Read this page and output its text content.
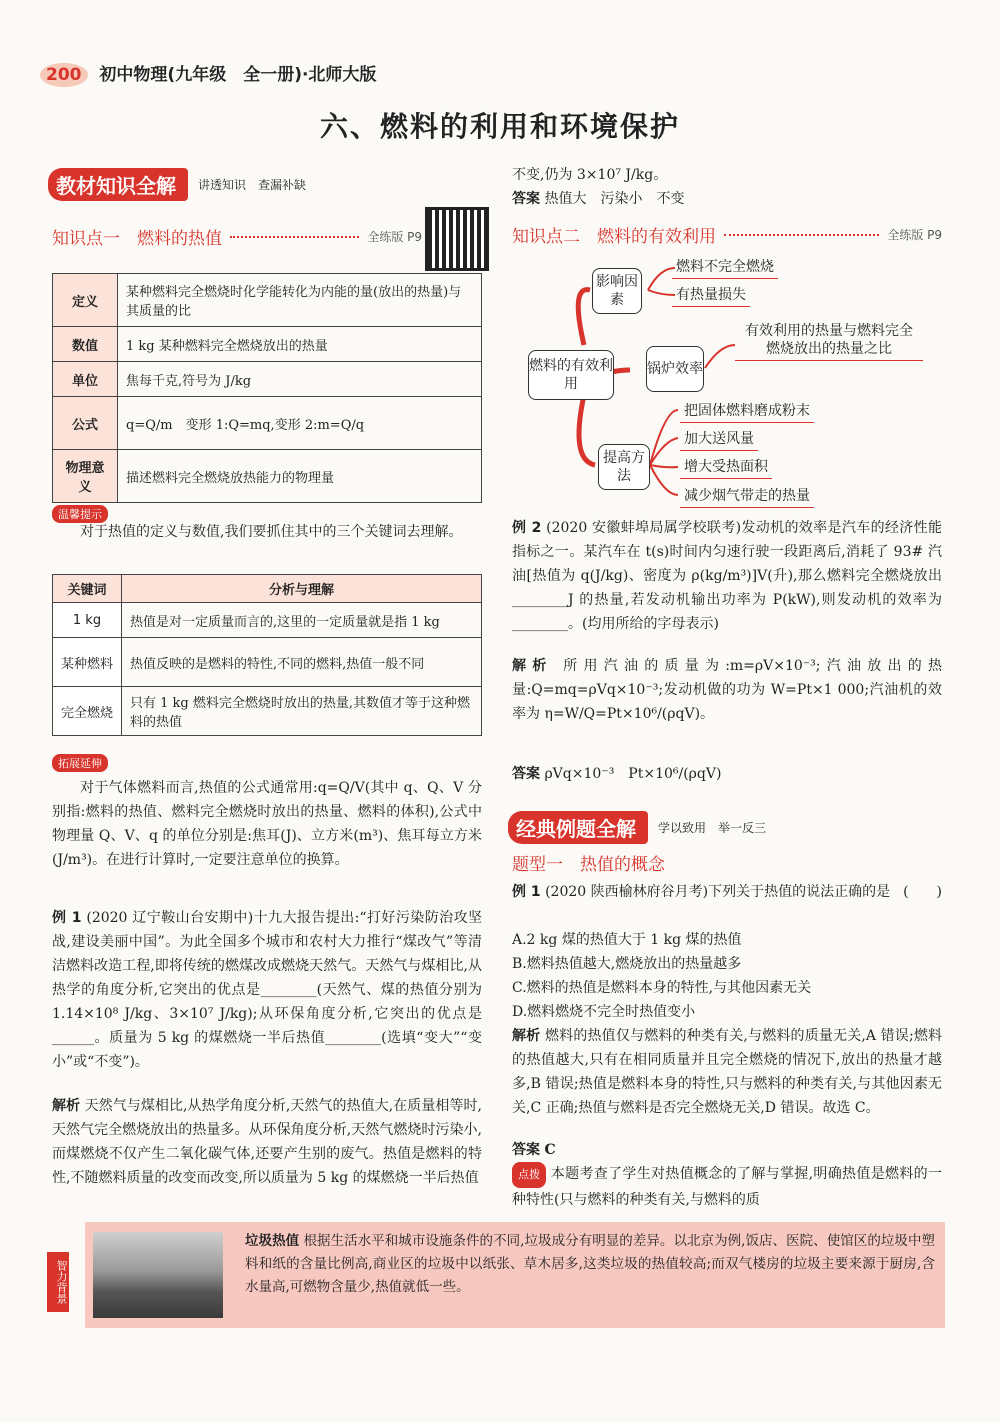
200 初中物理(九年级　全一册)·北师大版
六、燃料的利用和环境保护
教材知识全解	讲透知识　查漏补缺
知识点一　燃料的热值	全练版 P9
定义	某种燃料完全燃烧时化学能转化为内能的量(放出的热量)与其质量的比
数值	1 kg 某种燃料完全燃烧放出的热量
单位	焦每千克,符号为 J/kg
公式	q=Q/m　变形 1:Q=mq,变形 2:m=Q/q
物理意义	描述燃料完全燃烧放热能力的物理量
温馨提示
对于热值的定义与数值,我们要抓住其中的三个关键词去理解。
关键词	分析与理解
1 kg	热值是对一定质量而言的,这里的一定质量就是指 1 kg
某种燃料	热值反映的是燃料的特性,不同的燃料,热值一般不同
完全燃烧	只有 1 kg 燃料完全燃烧时放出的热量,其数值才等于这种燃料的热值
拓展延伸
对于气体燃料而言,热值的公式通常用:q=Q/V(其中 q、Q、V 分别指:燃料的热值、燃料完全燃烧时放出的热量、燃料的体积),公式中物理量 Q、V、q 的单位分别是:焦耳(J)、立方米(m³)、焦耳每立方米(J/m³)。在进行计算时,一定要注意单位的换算。
例 1 (2020 辽宁鞍山台安期中)十九大报告提出:“打好污染防治攻坚战,建设美丽中国”。为此全国多个城市和农村大力推行“煤改气”等清洁燃料改造工程,即将传统的燃煤改成燃烧天然气。天然气与煤相比,从热学的角度分析,它突出的优点是________(天然气、煤的热值分别为 1.14×10⁸ J/kg、3×10⁷ J/kg);从环保角度分析,它突出的优点是______。质量为 5 kg 的煤燃烧一半后热值________(选填“变大”“变小”或“不变”)。
解析 天然气与煤相比,从热学角度分析,天然气的热值大,在质量相等时,天然气完全燃烧放出的热量多。从环保角度分析,天然气燃烧时污染小,而煤燃烧不仅产生二氧化碳气体,还要产生别的废气。热值是燃料的特性,不随燃料质量的改变而改变,所以质量为 5 kg 的煤燃烧一半后热值
不变,仍为 3×10⁷ J/kg。
答案 热值大　污染小　不变
知识点二　燃料的有效利用	全练版 P9
燃料的有效利用
影响因素
燃料不完全燃烧
有热量损失
锅炉效率
有效利用的热量与燃料完全燃烧放出的热量之比
提高方法
把固体燃料磨成粉末
加大送风量
增大受热面积
减少烟气带走的热量
例 2 (2020 安徽蚌埠局属学校联考)发动机的效率是汽车的经济性能指标之一。某汽车在 t(s)时间内匀速行驶一段距离后,消耗了 93# 汽油[热值为 q(J/kg)、密度为 ρ(kg/m³)]V(升),那么燃料完全燃烧放出________J 的热量,若发动机输出功率为 P(kW),则发动机的效率为________。(均用所给的字母表示)
解析 所用汽油的质量为:m=ρV×10⁻³;汽油放出的热量:Q=mq=ρVq×10⁻³;发动机做的功为 W=Pt×1 000;汽油机的效率为 η=W/Q=Pt×10⁶/(ρqV)。
答案 ρVq×10⁻³　Pt×10⁶/(ρqV)
经典例题全解	学以致用　举一反三
题型一　热值的概念
例 1 (2020 陕西榆林府谷月考)下列关于热值的说法正确的是 (　　)
A.2 kg 煤的热值大于 1 kg 煤的热值
B.燃料热值越大,燃烧放出的热量越多
C.燃料的热值是燃料本身的特性,与其他因素无关
D.燃料燃烧不完全时热值变小
解析 燃料的热值仅与燃料的种类有关,与燃料的质量无关,A 错误;燃料的热值越大,只有在相同质量并且完全燃烧的情况下,放出的热量才越多,B 错误;热值是燃料本身的特性,只与燃料的种类有关,与其他因素无关,C 正确;热值与燃料是否完全燃烧无关,D 错误。故选 C。
答案 C
点拨 本题考查了学生对热值概念的了解与掌握,明确热值是燃料的一种特性(只与燃料的种类有关,与燃料的质
智力背景
垃圾热值 根据生活水平和城市设施条件的不同,垃圾成分有明显的差异。以北京为例,饭店、医院、使馆区的垃圾中塑料和纸的含量比例高,商业区的垃圾中以纸张、草木居多,这类垃圾的热值较高;而双气楼房的垃圾主要来源于厨房,含水量高,可燃物含量少,热值就低一些。
